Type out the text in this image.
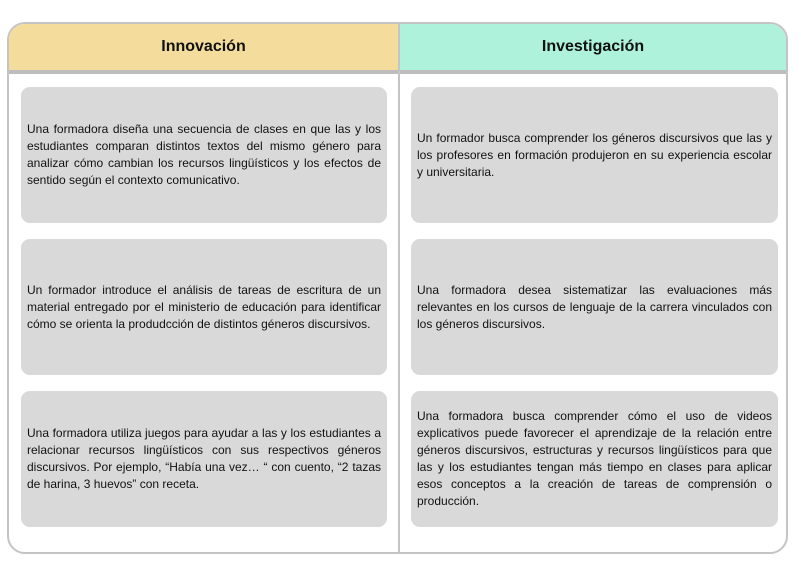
Innovación	Investigación

Una formadora diseña una secuencia de clases en que las y los estudiantes comparan distintos textos del mismo género para analizar cómo cambian los recursos lingüísticos y los efectos de sentido según el contexto comunicativo.

Un formador introduce el análisis de tareas de escritura de un material entregado por el ministerio de educación para identificar cómo se orienta la produdcción de distintos géneros discursivos.

Una formadora utiliza juegos para ayudar a las y los estudiantes a relacionar recursos lingüísticos con sus respectivos géneros discursivos. Por ejemplo, “Había una vez… “ con cuento, “2 tazas de harina, 3 huevos” con receta.

Un formador busca comprender los géneros discursivos que las y los profesores en formación produjeron en su experiencia escolar y universitaria.

Una formadora desea sistematizar las evaluaciones más relevantes en los cursos de lenguaje de la carrera vinculados con los géneros discursivos.

Una formadora busca comprender cómo el uso de videos explicativos puede favorecer el aprendizaje de la relación entre géneros discursivos, estructuras y recursos lingüísticos para que las y los estudiantes tengan más tiempo en clases para aplicar esos conceptos a la creación de tareas de comprensión o producción.
